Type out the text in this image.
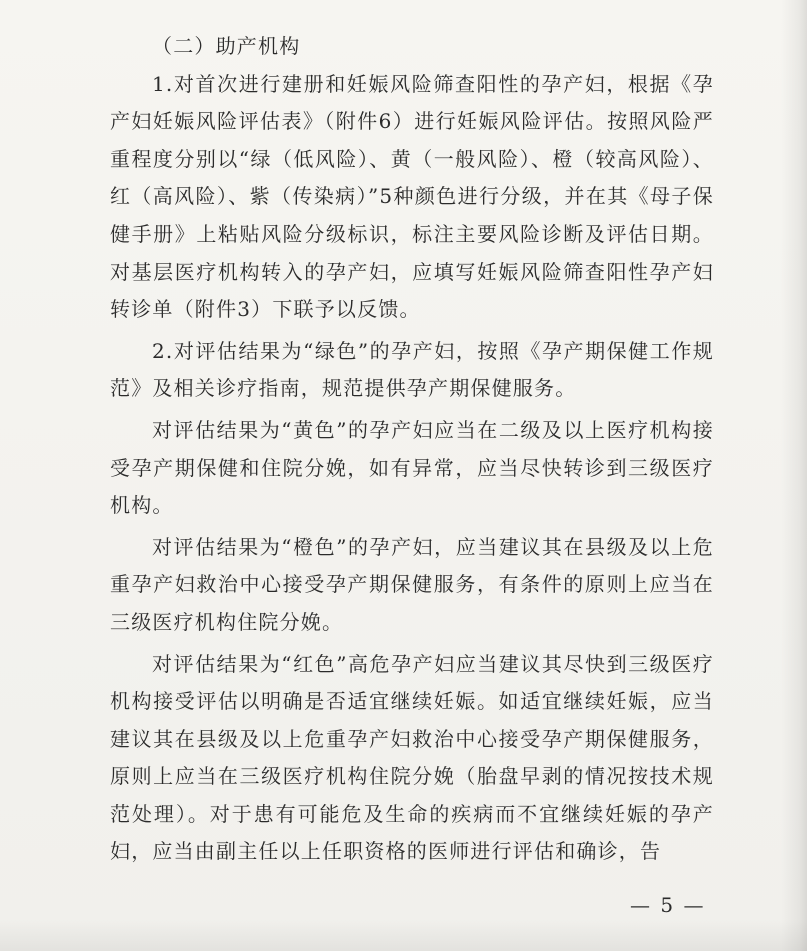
（二）助产机构

1.对首次进行建册和妊娠风险筛查阳性的孕产妇，根据《孕产妇妊娠风险评估表》（附件6）进行妊娠风险评估。按照风险严重程度分别以“绿（低风险）、黄（一般风险）、橙（较高风险）、红（高风险）、紫（传染病）”5种颜色进行分级，并在其《母子保健手册》上粘贴风险分级标识，标注主要风险诊断及评估日期。对基层医疗机构转入的孕产妇，应填写妊娠风险筛查阳性孕产妇转诊单（附件3）下联予以反馈。

2.对评估结果为“绿色”的孕产妇，按照《孕产期保健工作规范》及相关诊疗指南，规范提供孕产期保健服务。

对评估结果为“黄色”的孕产妇应当在二级及以上医疗机构接受孕产期保健和住院分娩，如有异常，应当尽快转诊到三级医疗机构。

对评估结果为“橙色”的孕产妇，应当建议其在县级及以上危重孕产妇救治中心接受孕产期保健服务，有条件的原则上应当在三级医疗机构住院分娩。

对评估结果为“红色”高危孕产妇应当建议其尽快到三级医疗机构接受评估以明确是否适宜继续妊娠。如适宜继续妊娠，应当建议其在县级及以上危重孕产妇救治中心接受孕产期保健服务，原则上应当在三级医疗机构住院分娩（胎盘早剥的情况按技术规范处理）。对于患有可能危及生命的疾病而不宜继续妊娠的孕产妇，应当由副主任以上任职资格的医师进行评估和确诊，告

— 5 —
